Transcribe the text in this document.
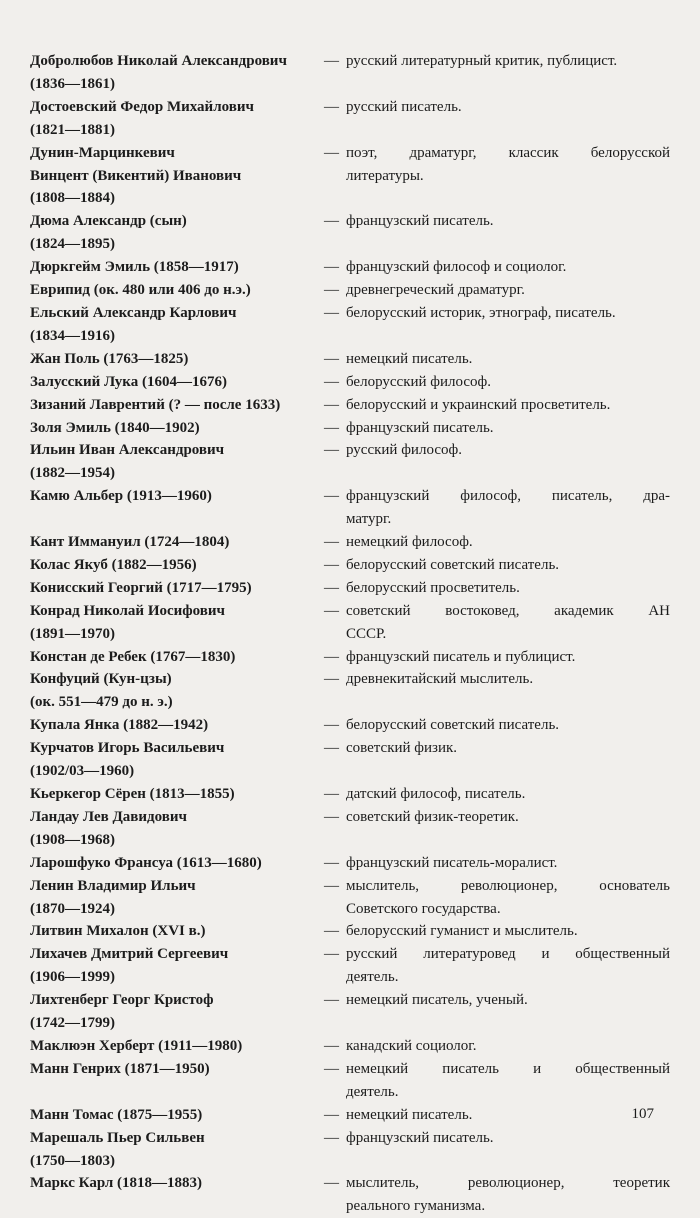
Добролюбов Николай Александрович
(1836—1861)
— русский литературный критик, публицист.
Достоевский Федор Михайлович
(1821—1881)
— русский писатель.
Дунин-Марцинкевич
Винцент (Викентий) Иванович
(1808—1884)
— поэт, драматург, классик белорусской
литературы.
Дюма Александр (сын)
(1824—1895)
— французский писатель.
Дюркгейм Эмиль (1858—1917)	— французский философ и социолог.
Еврипид (ок. 480 или 406 до н.э.)	— древнегреческий драматург.
Ельский Александр Карлович
(1834—1916)
— белорусский историк, этнограф, писатель.
Жан Поль (1763—1825)	— немецкий писатель.
Залусский Лука (1604—1676)	— белорусский философ.
Зизаний Лаврентий (? — после 1633)	— белорусский и украинский просветитель.
Золя Эмиль (1840—1902)	— французский писатель.
Ильин Иван Александрович
(1882—1954)
— русский философ.
Камю Альбер (1913—1960)	— французский философ, писатель, дра-
матург.
Кант Иммануил (1724—1804)	— немецкий философ.
Колас Якуб (1882—1956)	— белорусский советский писатель.
Конисский Георгий (1717—1795)	— белорусский просветитель.
Конрад Николай Иосифович
(1891—1970)
— советский востоковед, академик АН
СССР.
Констан де Ребек (1767—1830)	— французский писатель и публицист.
Конфуций (Кун-цзы)
(ок. 551—479 до н. э.)
— древнекитайский мыслитель.
Купала Янка (1882—1942)	— белорусский советский писатель.
Курчатов Игорь Васильевич
(1902/03—1960)
— советский физик.
Кьеркегор Сёрен (1813—1855)	— датский философ, писатель.
Ландау Лев Давидович
(1908—1968)
— советский физик-теоретик.
Ларошфуко Франсуа (1613—1680)	— французский писатель-моралист.
Ленин Владимир Ильич
(1870—1924)
— мыслитель, революционер, основатель
Советского государства.
Литвин Михалон (XVI в.)	— белорусский гуманист и мыслитель.
Лихачев Дмитрий Сергеевич
(1906—1999)
— русский литературовед и общественный
деятель.
Лихтенберг Георг Кристоф
(1742—1799)
— немецкий писатель, ученый.
Маклюэн Херберт (1911—1980)	— канадский социолог.
Манн Генрих (1871—1950)	— немецкий писатель и общественный
деятель.
Манн Томас (1875—1955)	— немецкий писатель.
Марешаль Пьер Сильвен
(1750—1803)
— французский писатель.
Маркс Карл (1818—1883)	— мыслитель, революционер, теоретик
реального гуманизма.
107
